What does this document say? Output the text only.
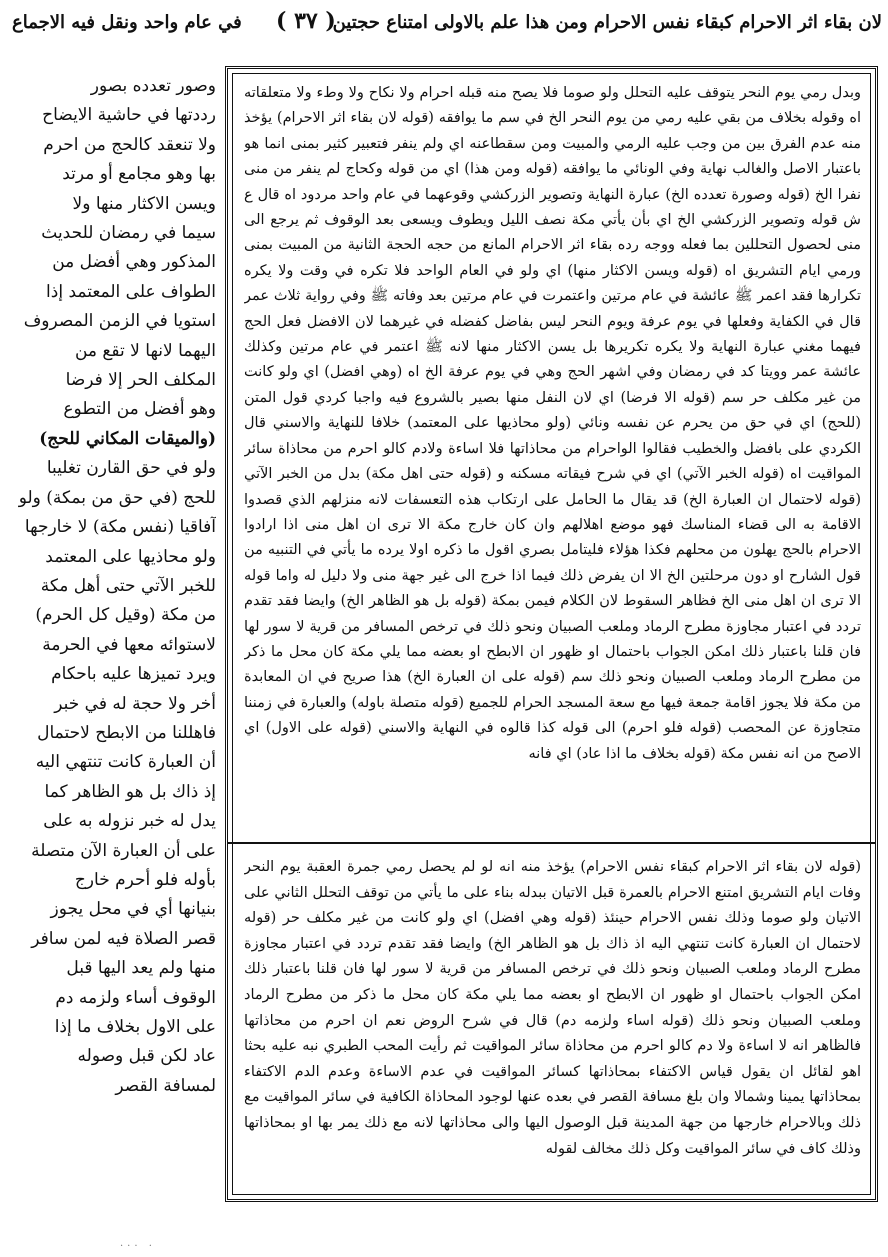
لان بقاء اثر الاحرام كبقاء نفس الاحرام ومن هذا علم بالاولى امتناع حجتين
( ٣٧ )
في عام واحد ونقل فيه الاجماع
وصور تعدده بصور
رددتها في حاشية الايضاح
ولا تنعقد كالحج من احرم
بها وهو مجامع أو مرتد
ويسن الاكثار منها ولا
سيما في رمضان للحديث
المذكور وهي أفضل من
الطواف على المعتمد إذا
استويا في الزمن المصروف
اليهما لانها لا تقع من
المكلف الحر إلا فرضا
وهو أفضل من التطوع
(والميقات المكاني للحج)
ولو في حق القارن تغليبا
للحج (في حق من بمكة) ولو
آفاقيا (نفس مكة) لا خارجها
ولو محاذيها على المعتمد
للخبر الآتي حتى أهل مكة
من مكة (وقيل كل الحرم)
لاستوائه معها في الحرمة
ويرد تميزها عليه باحكام
أخر ولا حجة له في خبر
فاهللنا من الابطح لاحتمال
أن العبارة كانت تنتهي اليه
إذ ذاك بل هو الظاهر كما
يدل له خبر نزوله به على
على أن العبارة الآن متصلة
بأوله فلو أحرم خارج
بنيانها أي في محل يجوز
قصر الصلاة فيه لمن سافر
منها ولم يعد اليها قبل
الوقوف أساء ولزمه دم
على الاول بخلاف ما إذا
عاد لكن قبل وصوله
لمسافة القصر
وبدل رمي يوم النحر يتوقف عليه التحلل ولو صوما فلا يصح منه قبله احرام ولا نكاح ولا وطء ولا متعلقاته اه وقوله بخلاف من بقي عليه رمي من يوم النحر الخ في سم ما يوافقه (قوله لان بقاء اثر الاحرام) يؤخذ منه عدم الفرق بين من وجب عليه الرمي والمبيت ومن سقطاعنه اي ولم ينفر فتعبير كثير بمنى انما هو باعتبار الاصل والغالب نهاية وفي الونائي ما يوافقه (قوله ومن هذا) اي من قوله وكحاج لم ينفر من منى نفرا الخ (قوله وصورة تعدده الخ) عبارة النهاية وتصوير الزركشي وقوعهما في عام واحد مردود اه قال ع ش قوله وتصوير الزركشي الخ اي بأن يأتي مكة نصف الليل ويطوف ويسعى بعد الوقوف ثم يرجع الى منى لحصول التحللين بما فعله ووجه رده بقاء اثر الاحرام المانع من حجه الحجة الثانية من المبيت بمنى ورمي ايام التشريق اه (قوله ويسن الاكثار منها) اي ولو في العام الواحد فلا تكره في وقت ولا يكره تكرارها فقد اعمر ﷺ عائشة في عام مرتين واعتمرت في عام مرتين بعد وفاته ﷺ وفي رواية ثلاث عمر قال في الكفاية وفعلها في يوم عرفة ويوم النحر ليس بفاضل كفضله في غيرهما لان الافضل فعل الحج فيهما مغني عبارة النهاية ولا يكره تكريرها بل يسن الاكثار منها لانه ﷺ اعتمر في عام مرتين وكذلك عائشة عمر وويتا كد في رمضان وفي اشهر الحج وهي في يوم عرفة الخ اه (وهي افضل) اي ولو كانت من غير مكلف حر سم (قوله الا فرضا) اي لان النفل منها بصير بالشروع فيه واجبا كردي قول المتن (للحج) اي في حق من يحرم عن نفسه ونائي (ولو محاذيها على المعتمد) خلافا للنهاية والاسني قال الكردي على بافضل والخطيب فقالوا الواحرام من محاذاتها فلا اساءة ولادم كالو احرم من محاذاة سائر المواقيت اه (قوله الخبر الآتي) اي في شرح فيقاته مسكنه و (قوله حتى اهل مكة) بدل من الخبر الآتي (قوله لاحتمال ان العبارة الخ) قد يقال ما الحامل على ارتكاب هذه التعسفات لانه منزلهم الذي قصدوا الاقامة به الى قضاء المناسك فهو موضع اهلالهم وان كان خارج مكة الا ترى ان اهل منى اذا ارادوا الاحرام بالحج يهلون من محلهم فكذا هؤلاء فليتامل بصري اقول ما ذكره اولا يرده ما يأتي في التنبيه من قول الشارح او دون مرحلتين الخ الا ان يفرض ذلك فيما اذا خرج الى غير جهة منى ولا دليل له واما قوله الا ترى ان اهل منى الخ فظاهر السقوط لان الكلام فيمن بمكة (قوله بل هو الظاهر الخ) وايضا فقد تقدم تردد في اعتبار مجاوزة مطرح الرماد وملعب الصبيان ونحو ذلك في ترخص المسافر من قرية لا سور لها فان قلنا باعتبار ذلك امكن الجواب باحتمال او ظهور ان الابطح او بعضه مما يلي مكة كان محل ما ذكر من مطرح الرماد وملعب الصبيان ونحو ذلك سم (قوله على ان العبارة الخ) هذا صريح في ان المعابدة من مكة فلا يجوز اقامة جمعة فيها مع سعة المسجد الحرام للجميع (قوله متصلة باوله) والعبارة في زمننا متجاوزة عن المحصب (قوله فلو احرم) الى قوله كذا قالوه في النهاية والاسني (قوله على الاول) اي الاصح من انه نفس مكة (قوله بخلاف ما اذا عاد) اي فانه
(قوله لان بقاء اثر الاحرام كبقاء نفس الاحرام) يؤخذ منه انه لو لم يحصل رمي جمرة العقبة يوم النحر وفات ايام التشريق امتنع الاحرام بالعمرة قبل الاتيان ببدله بناء على ما يأتي من توقف التحلل الثاني على الاتيان ولو صوما وذلك نفس الاحرام حينئذ (قوله وهي افضل) اي ولو كانت من غير مكلف حر (قوله لاحتمال ان العبارة كانت تنتهي اليه اذ ذاك بل هو الظاهر الخ) وايضا فقد تقدم تردد في اعتبار مجاوزة مطرح الرماد وملعب الصبيان ونحو ذلك في ترخص المسافر من قرية لا سور لها فان قلنا باعتبار ذلك امكن الجواب باحتمال او ظهور ان الابطح او بعضه مما يلي مكة كان محل ما ذكر من مطرح الرماد وملعب الصبيان ونحو ذلك (قوله اساء ولزمه دم) قال في شرح الروض نعم ان احرم من محاذاتها فالظاهر انه لا اساءة ولا دم كالو احرم من محاذاة سائر المواقيت ثم رأيت المحب الطبري نبه عليه بحثا اهو لقائل ان يقول قياس الاكتفاء بمحاذاتها كسائر المواقيت في عدم الاساءة وعدم الدم الاكتفاء بمحاذاتها يمينا وشمالا وان بلغ مسافة القصر في بعده عنها لوجود المحاذاة الكافية في سائر المواقيت مع ذلك وبالاحرام خارجها من جهة المدينة قبل الوصول اليها والى محاذاتها لانه مع ذلك يمر بها او بمحاذاتها وذلك كاف في سائر المواقيت وكل ذلك مخالف لقوله
... .
